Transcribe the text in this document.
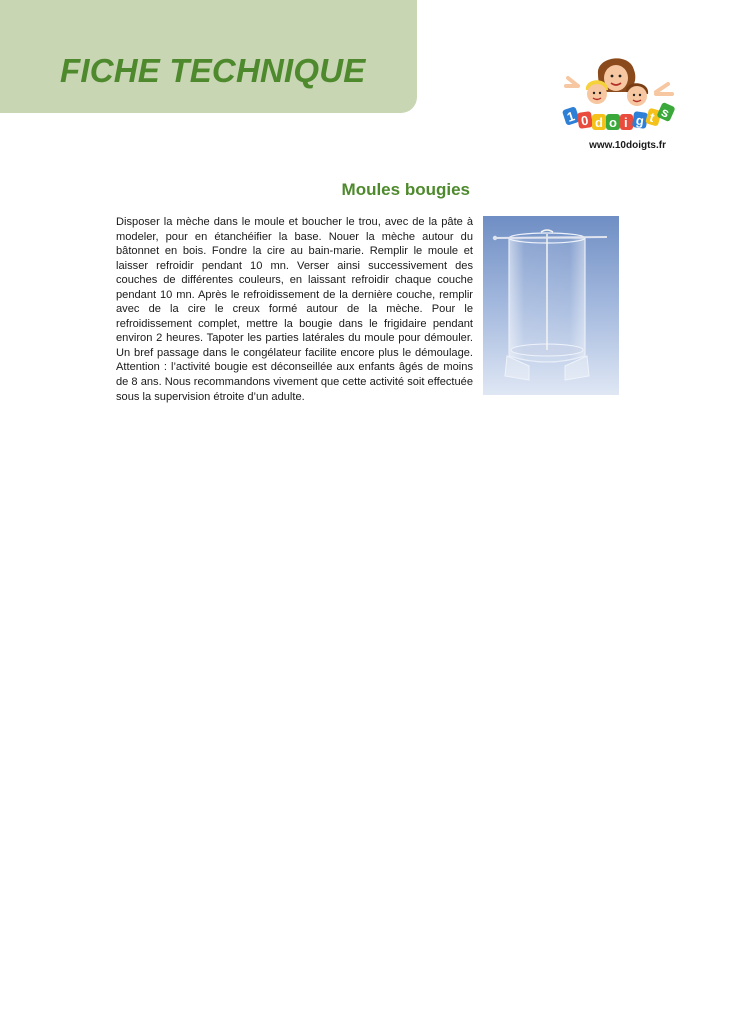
FICHE TECHNIQUE
1 0 d o i g t s
www.10doigts.fr
Moules bougies

Disposer la mèche dans le moule et boucher le trou, avec de la pâte à modeler, pour en étanchéifier la base. Nouer la mèche autour du bâtonnet en bois. Fondre la cire au bain-marie. Remplir le moule et laisser refroidir pendant 10 mn. Verser ainsi successivement des couches de différentes couleurs, en laissant refroidir chaque couche pendant 10 mn. Après le refroidissement de la dernière couche, remplir avec de la cire le creux formé autour de la mèche. Pour le refroidissement complet, mettre la bougie dans le frigidaire pendant environ 2 heures. Tapoter les parties latérales du moule pour démouler. Un bref passage dans le congélateur facilite encore plus le démoulage. Attention : l’activité bougie est déconseillée aux enfants âgés de moins de 8 ans. Nous recommandons vivement que cette activité soit effectuée sous la supervision étroite d’un adulte.
